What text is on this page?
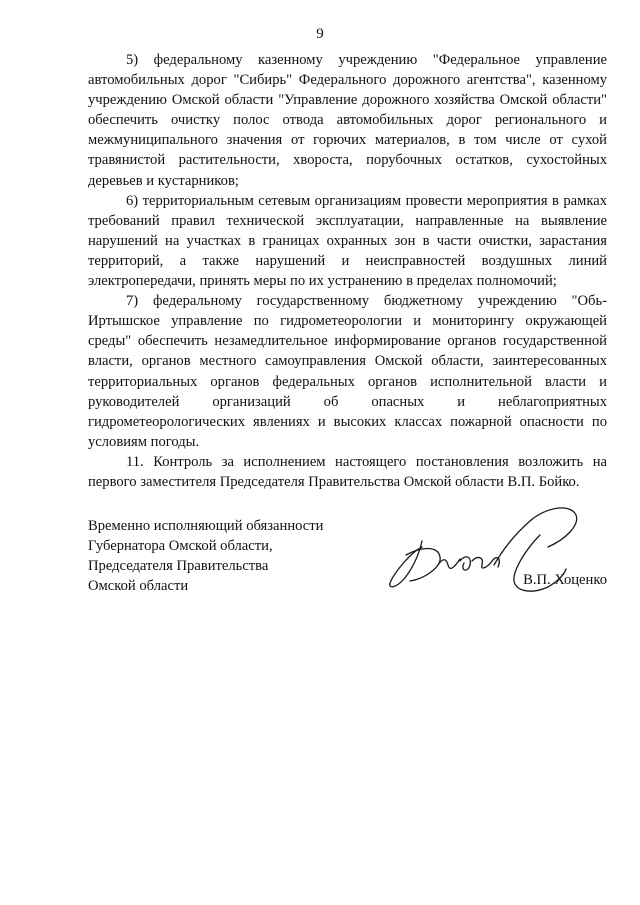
9

5) федеральному казенному учреждению "Федеральное управление автомобильных дорог "Сибирь" Федерального дорожного агентства", казенному учреждению Омской области "Управление дорожного хозяйства Омской области" обеспечить очистку полос отвода автомобильных дорог регионального и межмуниципального значения от горючих материалов, в том числе от сухой травянистой растительности, хвороста, порубочных остатков, сухостойных деревьев и кустарников;

6) территориальным сетевым организациям провести мероприятия в рамках требований правил технической эксплуатации, направленные на выявление нарушений на участках в границах охранных зон в части очистки, зарастания территорий, а также нарушений и неисправностей воздушных линий электропередачи, принять меры по их устранению в пределах полномочий;

7) федеральному государственному бюджетному учреждению "Обь-Иртышское управление по гидрометеорологии и мониторингу окружающей среды" обеспечить незамедлительное информирование органов государственной власти, органов местного самоуправления Омской области, заинтересованных территориальных органов федеральных органов исполнительной власти и руководителей организаций об опасных и неблагоприятных гидрометеорологических явлениях и высоких классах пожарной опасности по условиям погоды.

11. Контроль за исполнением настоящего постановления возложить на первого заместителя Председателя Правительства Омской области В.П. Бойко.

Временно исполняющий обязанности
Губернатора Омской области,
Председателя Правительства
Омской области	В.П. Хоценко
